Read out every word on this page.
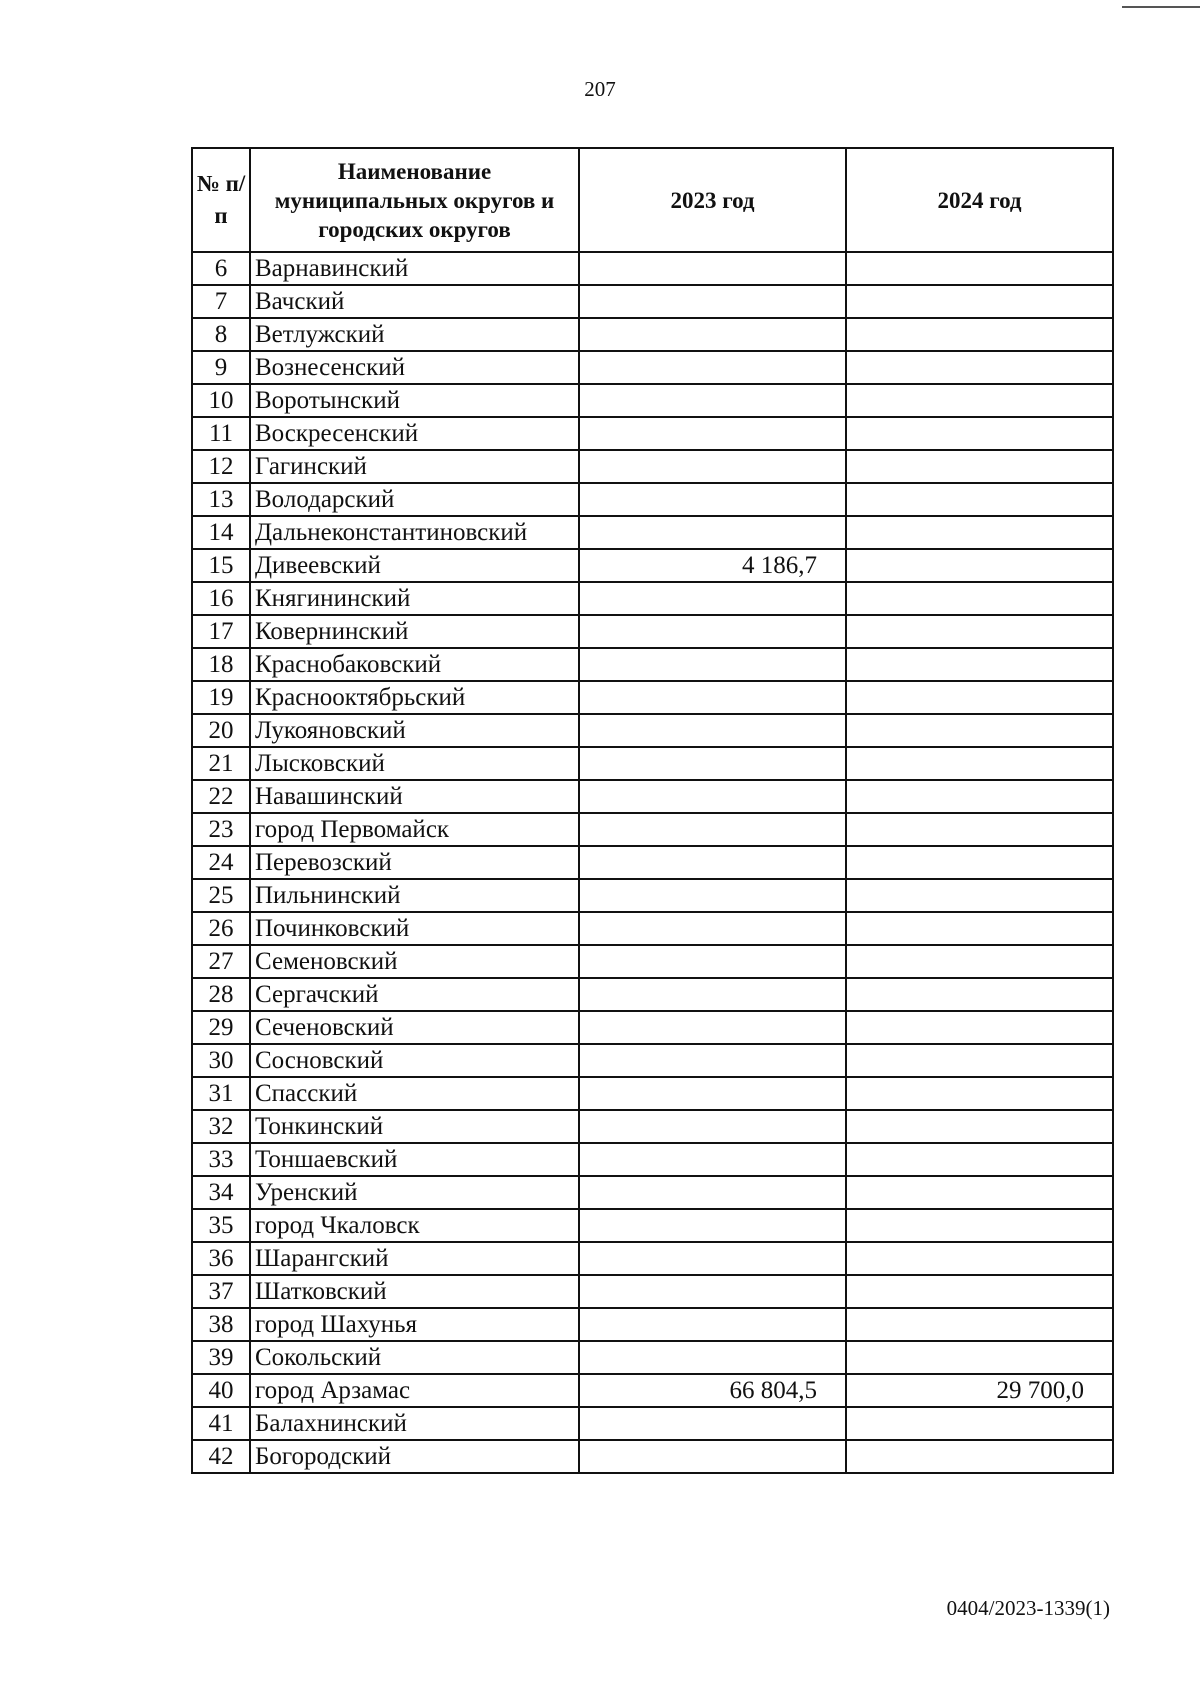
207
№ п/п	Наименование муниципальных округов и городских округов	2023 год	2024 год
6	Варнавинский		
7	Вачский		
8	Ветлужский		
9	Вознесенский		
10	Воротынский		
11	Воскресенский		
12	Гагинский		
13	Володарский		
14	Дальнеконстантиновский		
15	Дивеевский	4 186,7	
16	Княгининский		
17	Ковернинский		
18	Краснобаковский		
19	Краснооктябрьский		
20	Лукояновский		
21	Лысковский		
22	Навашинский		
23	город Первомайск		
24	Перевозский		
25	Пильнинский		
26	Починковский		
27	Семеновский		
28	Сергачский		
29	Сеченовский		
30	Сосновский		
31	Спасский		
32	Тонкинский		
33	Тоншаевский		
34	Уренский		
35	город Чкаловск		
36	Шарангский		
37	Шатковский		
38	город Шахунья		
39	Сокольский		
40	город Арзамас	66 804,5	29 700,0
41	Балахнинский		
42	Богородский		
0404/2023-1339(1)
